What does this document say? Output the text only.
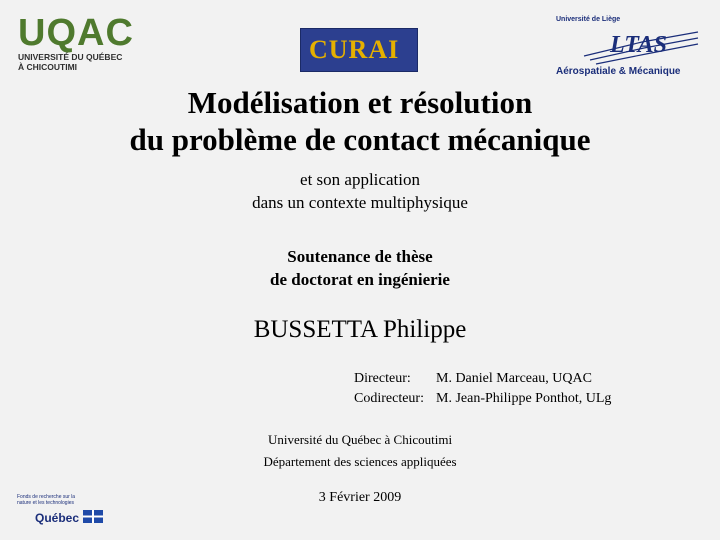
UQAC
UNIVERSITÉ DU QUÉBEC
À CHICOUTIMI
CURAI
Université de Liège
LTAS
Aérospatiale & Mécanique
Modélisation et résolution
du problème de contact mécanique
et son application
dans un contexte multiphysique
Soutenance de thèse
de doctorat en ingénierie
BUSSETTA Philippe
Directeur:	M. Daniel Marceau, UQAC
Codirecteur: M. Jean-Philippe Ponthot, ULg
Université du Québec à Chicoutimi
Département des sciences appliquées
3 Février 2009
Fonds de recherche sur la nature et les technologies
Québec
